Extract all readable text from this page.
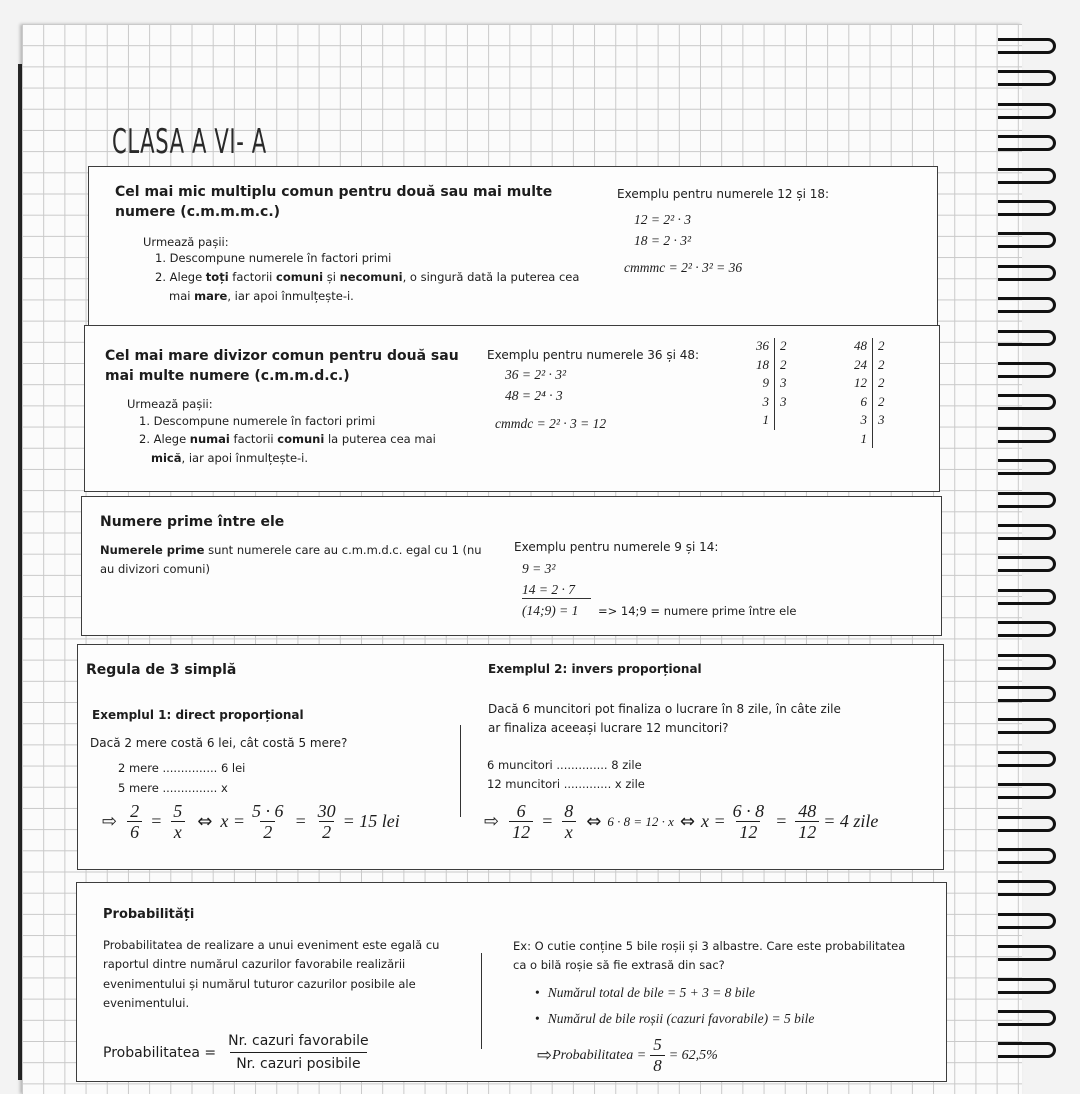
CLASA A VI- A
Cel mai mic multiplu comun pentru două sau mai multe numere (c.m.m.m.c.)
Urmează pașii:
1. Descompune numerele în factori primi
2. Alege toți factorii comuni și necomuni, o singură dată la puterea cea
mai mare, iar apoi înmulțește-i.
Exemplu pentru numerele 12 și 18:
12 = 2² · 3
18 = 2 · 3²
cmmmc = 2² · 3² = 36
Cel mai mare divizor comun pentru două sau mai multe numere (c.m.m.d.c.)
Urmează pașii:
1. Descompune numerele în factori primi
2. Alege numai factorii comuni la puterea cea mai
mică, iar apoi înmulțește-i.
Exemplu pentru numerele 36 și 48:
36 = 2² · 3²
48 = 2⁴ · 3
cmmdc = 2² · 3 = 12
36 2
18 2
9 3
3 3
1
48 2
24 2
12 2
6 2
3 3
1
Numere prime între ele
Numerele prime sunt numerele care au c.m.m.d.c. egal cu 1 (nu
au divizori comuni)
Exemplu pentru numerele 9 și 14:
9 = 3²
14 = 2 · 7
(14;9) = 1 => 14;9 = numere prime între ele
Regula de 3 simplă
Exemplul 1: direct proporțional
Dacă 2 mere costă 6 lei, cât costă 5 mere?
2 mere ............... 6 lei
5 mere ............... x
⇨ $\frac{2}{6} = \frac{5}{x}$ ⇔ $x = \frac{5 \cdot 6}{2} = \frac{30}{2} = 15$ lei
Exemplul 2: invers proporțional
Dacă 6 muncitori pot finaliza o lucrare în 8 zile, în câte zile
ar finaliza aceeași lucrare 12 muncitori?
6 muncitori .............. 8 zile
12 muncitori ............. x zile
⇨ $\frac{6}{12} = \frac{8}{x}$ ⇔ 6 · 8 = 12 · x ⇔ $x = \frac{6 \cdot 8}{12} = \frac{48}{12} = 4$ zile
Probabilități
Probabilitatea de realizare a unui eveniment este egală cu
raportul dintre numărul cazurilor favorabile realizării
evenimentului și numărul tuturor cazurilor posibile ale
evenimentului.
Probabilitatea = $\frac{\text{Nr. cazuri favorabile}}{\text{Nr. cazuri posibile}}$
Ex: O cutie conține 5 bile roșii și 3 albastre. Care este probabilitatea
ca o bilă roșie să fie extrasă din sac?
• Numărul total de bile = 5 + 3 = 8 bile
• Numărul de bile roșii (cazuri favorabile) = 5 bile
⇨ Probabilitatea = $\frac{5}{8} = 62,5\%$
